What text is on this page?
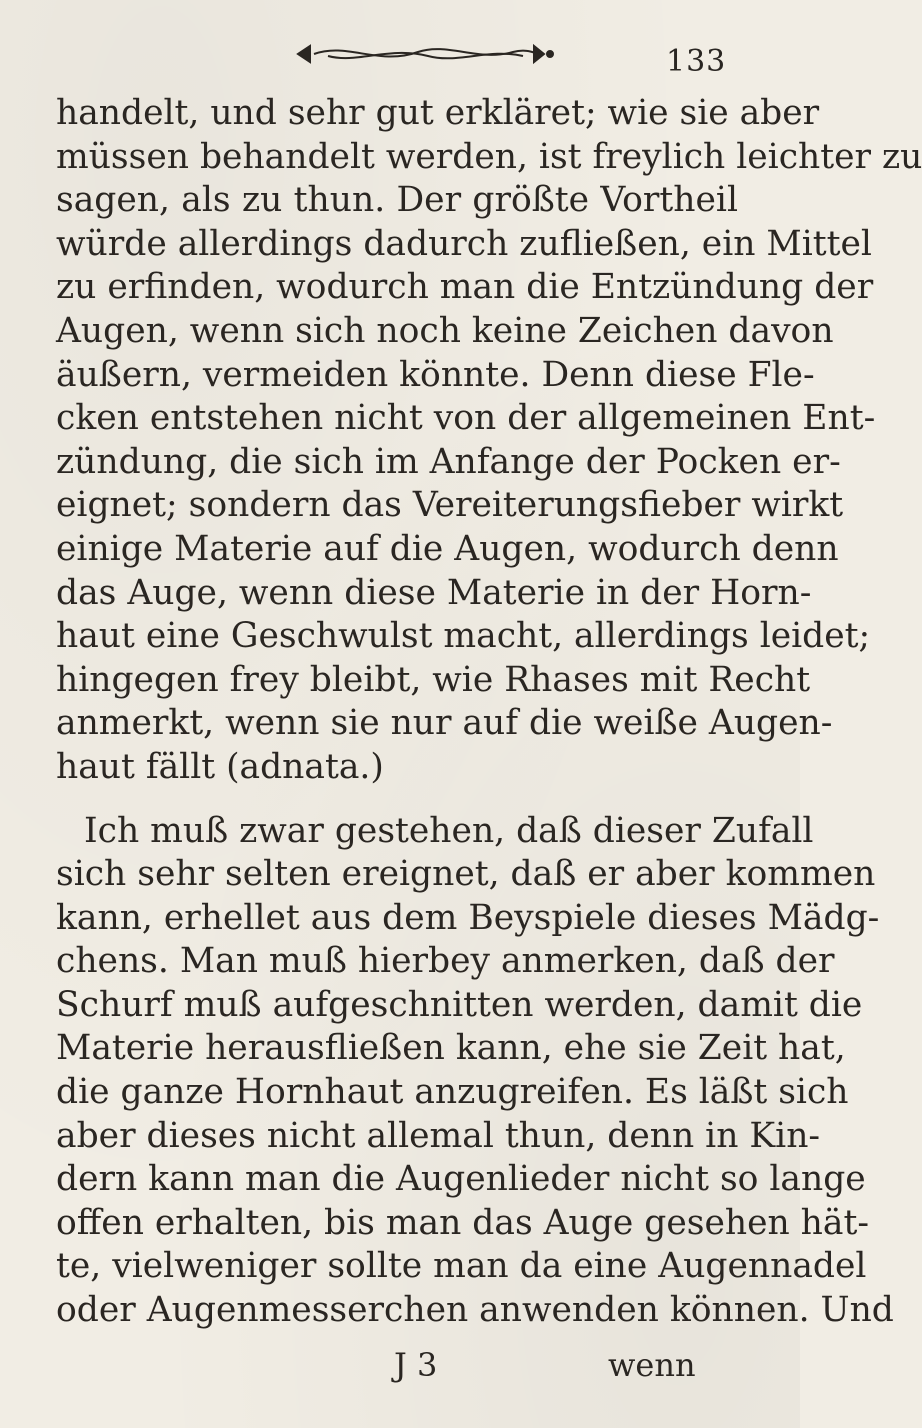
133

handelt, und sehr gut erkläret; wie sie aber
müssen behandelt werden, ist freylich leichter zu
sagen, als zu thun. Der größte Vortheil
würde allerdings dadurch zufließen, ein Mittel
zu erfinden, wodurch man die Entzündung der
Augen, wenn sich noch keine Zeichen davon
äußern, vermeiden könnte. Denn diese Fle-
cken entstehen nicht von der allgemeinen Ent-
zündung, die sich im Anfange der Pocken er-
eignet; sondern das Vereiterungsfieber wirkt
einige Materie auf die Augen, wodurch denn
das Auge, wenn diese Materie in der Horn-
haut eine Geschwulst macht, allerdings leidet;
hingegen frey bleibt, wie Rhases mit Recht
anmerkt, wenn sie nur auf die weiße Augen-
haut fällt (adnata.)

Ich muß zwar gestehen, daß dieser Zufall
sich sehr selten ereignet, daß er aber kommen
kann, erhellet aus dem Beyspiele dieses Mädg-
chens. Man muß hierbey anmerken, daß der
Schurf muß aufgeschnitten werden, damit die
Materie herausfließen kann, ehe sie Zeit hat,
die ganze Hornhaut anzugreifen. Es läßt sich
aber dieses nicht allemal thun, denn in Kin-
dern kann man die Augenlieder nicht so lange
offen erhalten, bis man das Auge gesehen hät-
te, vielweniger sollte man da eine Augennadel
oder Augenmesserchen anwenden können. Und

J 3	wenn
